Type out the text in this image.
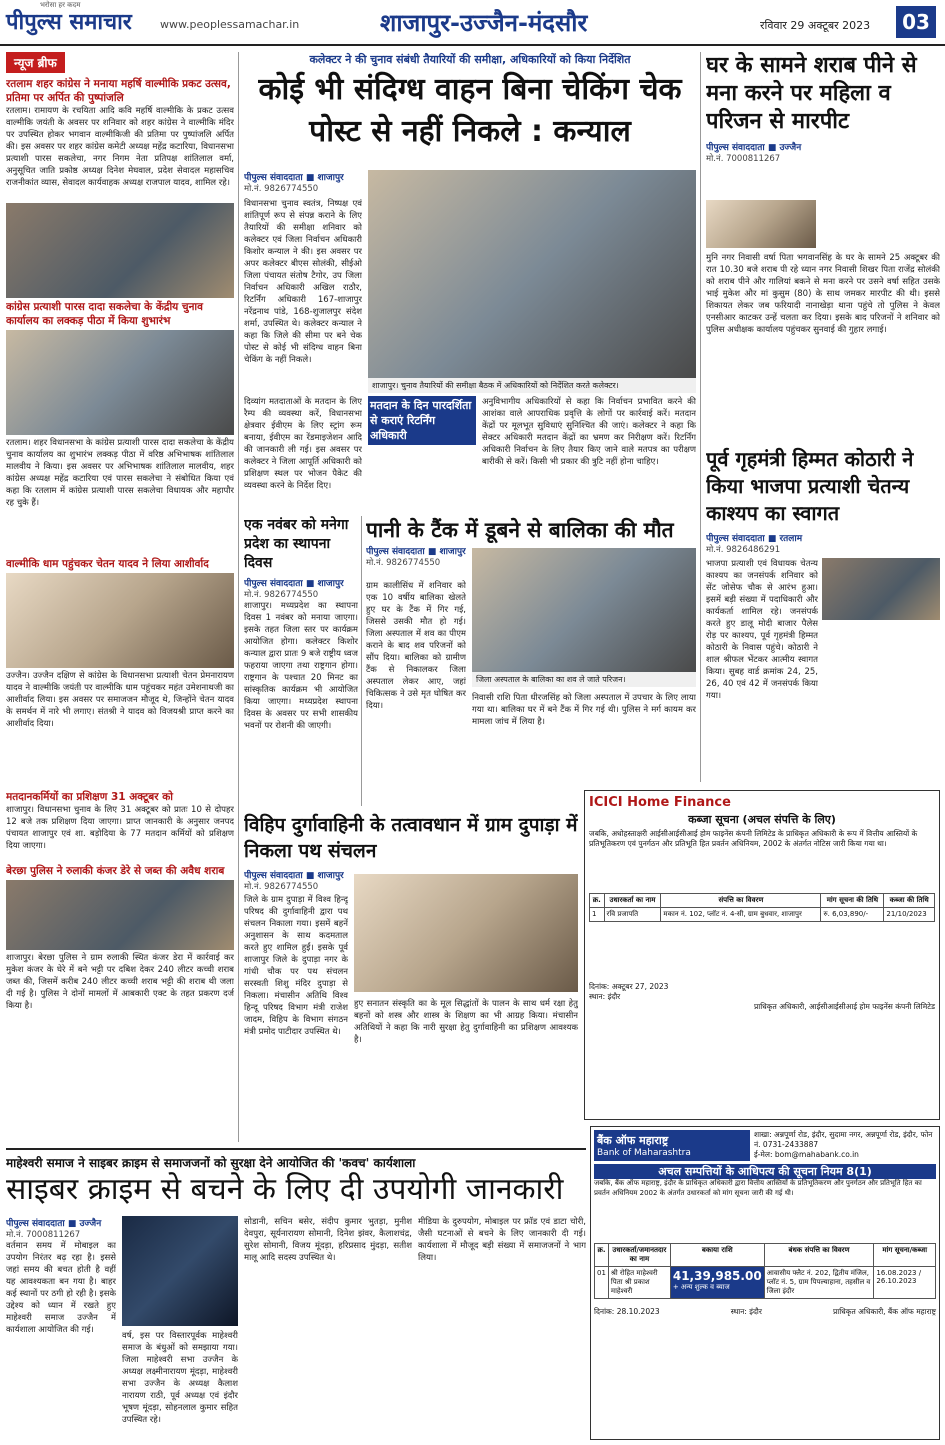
पीपुल्स समाचार
भरोसा हर कदम
www.peoplessamachar.in	शाजापुर-उज्जैन-मंदसौर	रविवार 29 अक्टूबर 2023	03
न्यूज ब्रीफ
रतलाम शहर कांग्रेस ने मनाया महर्षि वाल्मीकि प्रकट उत्सव, प्रतिमा पर अर्पित की पुष्पांजलि
रतलाम। रामायण के रचयिता आदि कवि महर्षि वाल्मीकि के प्रकट उत्सव वाल्मीकि जयंती के अवसर पर शनिवार को शहर कांग्रेस ने वाल्मीकि मंदिर पर उपस्थित होकर भगवान वाल्मीकिजी की प्रतिमा पर पुष्पांजलि अर्पित की। इस अवसर पर शहर कांग्रेस कमेटी अध्यक्ष महेंद्र कटारिया, विधानसभा प्रत्याशी पारस सकलेचा, नगर निगम नेता प्रतिपक्ष शांतिलाल वर्मा, अनुसूचित जाति प्रकोष्ठ अध्यक्ष दिनेश मेघवाल, प्रदेश सेवादल महासचिव राजनीकांत व्यास, सेवादल कार्यवाहक अध्यक्ष राजपाल यादव, शामिल रहे।
कांग्रेस प्रत्याशी पारस दादा सकलेचा के केंद्रीय चुनाव कार्यालय का लक्कड़ पीठा में किया शुभारंभ
रतलाम। शहर विधानसभा के कांग्रेस प्रत्याशी पारस दादा सकलेचा के केंद्रीय चुनाव कार्यालय का शुभारंभ लक्कड़ पीठा में वरिष्ठ अभिभाषक शांतिलाल मालवीय ने किया। इस अवसर पर अभिभाषक शांतिलाल मालवीय, शहर कांग्रेस अध्यक्ष महेंद्र कटारिया एवं पारस सकलेचा ने संबोधित किया एवं कहा कि रतलाम में कांग्रेस प्रत्याशी पारस सकलेचा विधायक और महापौर रह चुके हैं।
वाल्मीकि धाम पहुंचकर चेतन यादव ने लिया आशीर्वाद
उज्जैन। उज्जैन दक्षिण से कांग्रेस के विधानसभा प्रत्याशी चेतन प्रेमनारायण यादव ने वाल्मीकि जयंती पर वाल्मीकि धाम पहुंचकर महंत उमेशनाथजी का आशीर्वाद लिया। इस अवसर पर समाजजन मौजूद थे, जिन्होंने चेतन यादव के समर्थन में नारे भी लगाए। संतश्री ने यादव को विजयश्री प्राप्त करने का आशीर्वाद दिया।
मतदानकर्मियों का प्रशिक्षण 31 अक्टूबर को
शाजापुर। विधानसभा चुनाव के लिए 31 अक्टूबर को प्रातः 10 से दोपहर 12 बजे तक प्रशिक्षण दिया जाएगा। प्राप्त जानकारी के अनुसार जनपद पंचायत शाजापुर एवं शा. बड़ोदिया के 77 मतदान कर्मियों को प्रशिक्षण दिया जाएगा।
बेरछा पुलिस ने रुलाकी कंजर डेरे से जब्त की अवैध शराब
शाजापुर। बेरछा पुलिस ने ग्राम रुलाकी स्थित कंजर डेरा में कार्रवाई कर मुकेश कंजर के घेरे में बने भट्टी पर दबिश देकर 240 लीटर कच्ची शराब जब्त की, जिसमें करीब 240 लीटर कच्ची शराब भट्टी की शराब थी जला दी गई है। पुलिस ने दोनों मामलों में आबकारी एक्ट के तहत प्रकरण दर्ज किया है।
कलेक्टर ने की चुनाव संबंधी तैयारियों की समीक्षा, अधिकारियों को किया निर्देशित
कोई भी संदिग्ध वाहन बिना चेकिंग चेक पोस्ट से नहीं निकले : कन्याल
पीपुल्स संवाददाता ■ शाजापुर
मो.नं. 9826774550
विधानसभा चुनाव स्वतंत्र, निष्पक्ष एवं शांतिपूर्ण रूप से संपन्न कराने के लिए तैयारियों की समीक्षा शनिवार को कलेक्टर एवं जिला निर्वाचन अधिकारी किशोर कन्याल ने की। इस अवसर पर अपर कलेक्टर बीएस सोलंकी, सीईओ जिला पंचायत संतोष टैगोर, उप जिला निर्वाचन अधिकारी अखिल राठौर, रिटर्निंग अधिकारी 167-शाजापुर नरेंद्रनाथ पांडे, 168-शुजालपुर संदेश शर्मा, उपस्थित थे। कलेक्टर कन्याल ने कहा कि जिले की सीमा पर बने चेक पोस्ट से कोई भी संदिग्ध वाहन बिना चेकिंग के नहीं निकले।
शाजापुर। चुनाव तैयारियों की समीक्षा बैठक में अधिकारियों को निर्देशित करते कलेक्टर।
मतदान के दिन पारदर्शिता से कराएं रिटर्निंग अधिकारी
अनुविभागीय अधिकारियों से कहा कि निर्वाचन प्रभावित करने की आशंका वाले आपराधिक प्रवृत्ति के लोगों पर कार्रवाई करें। मतदान केंद्रों पर मूलभूत सुविधाएं सुनिश्चित की जाएं। कलेक्टर ने कहा कि सेक्टर अधिकारी मतदान केंद्रों का भ्रमण कर निरीक्षण करें। रिटर्निंग अधिकारी निर्वाचन के लिए तैयार किए जाने वाले मतपत्र का परीक्षण बारीकी से करें। किसी भी प्रकार की त्रुटि नहीं होना चाहिए।
दिव्यांग मतदाताओं के मतदान के लिए रैम्प की व्यवस्था करें, विधानसभा क्षेत्रवार ईवीएम के लिए स्ट्रांग रूम बनाया, ईवीएम का रेंडमाइजेशन आदि की जानकारी ली गई। इस अवसर पर कलेक्टर ने जिला आपूर्ति अधिकारी को प्रशिक्षण स्थल पर भोजन पैकेट की व्यवस्था करने के निर्देश दिए।
घर के सामने शराब पीने से मना करने पर महिला व परिजन से मारपीट
पीपुल्स संवाददाता ■ उज्जैन
मो.नं. 7000811267
मुनि नगर निवासी वर्षा पिता भगवानसिंह के घर के सामने 25 अक्टूबर की रात 10.30 बजे शराब पी रहे ध्यान नगर निवासी शिखर पिता राजेंद्र सोलंकी को शराब पीने और गालियां बकने से मना करने पर उसने वर्षा सहित उसके भाई मुकेश और मां कुसुम (80) के साथ जमकर मारपीट की थी। इससे शिकायत लेकर जब फरियादी नानाखेड़ा थाना पहुंचे तो पुलिस ने केवल एनसीआर काटकर उन्हें चलता कर दिया। इसके बाद परिजनों ने शनिवार को पुलिस अधीक्षक कार्यालय पहुंचकर सुनवाई की गुहार लगाई।
पूर्व गृहमंत्री हिम्मत कोठारी ने किया भाजपा प्रत्याशी चेतन्य काश्यप का स्वागत
पीपुल्स संवाददाता ■ रतलाम
मो.नं. 9826486291
भाजपा प्रत्याशी एवं विधायक चेतन्य काश्यप का जनसंपर्क शनिवार को सेंट जोसेफ चौक से आरंभ हुआ। इसमें बड़ी संख्या में पदाधिकारी और कार्यकर्ता शामिल रहे। जनसंपर्क करते हुए डालू मोदी बाजार पैलेस रोड़ पर काश्यप, पूर्व गृहमंत्री हिम्मत कोठारी के निवास पहुंचे। कोठारी ने शाल श्रीफल भेंटकर आत्मीय स्वागत किया। सुबह वार्ड क्रमांक 24, 25, 26, 40 एवं 42 में जनसंपर्क किया गया।
एक नवंबर को मनेगा प्रदेश का स्थापना दिवस
पीपुल्स संवाददाता ■ शाजापुर
मो.नं. 9826774550
शाजापुर। मध्यप्रदेश का स्थापना दिवस 1 नवंबर को मनाया जाएगा। इसके तहत जिला स्तर पर कार्यक्रम आयोजित होगा। कलेक्टर किशोर कन्याल द्वारा प्रातः 9 बजे राष्ट्रीय ध्वज फहराया जाएगा तथा राष्ट्रगान होगा। राष्ट्रगान के पश्चात 20 मिनट का सांस्कृतिक कार्यक्रम भी आयोजित किया जाएगा। मध्यप्रदेश स्थापना दिवस के अवसर पर सभी शासकीय भवनों पर रोशनी की जाएगी।
पानी के टैंक में डूबने से बालिका की मौत
पीपुल्स संवाददाता ■ शाजापुर
मो.नं. 9826774550
ग्राम कालीसिंध में शनिवार को एक 10 वर्षीय बालिका खेलते हुए घर के टैंक में गिर गई, जिससे उसकी मौत हो गई। जिला अस्पताल में शव का पीएम कराने के बाद शव परिजनों को सौंप दिया। बालिका को ग्रामीण टैंक से निकालकर जिला अस्पताल लेकर आए, जहां चिकित्सक ने उसे मृत घोषित कर दिया।
जिला अस्पताल के बालिका का शव ले जाते परिजन।
निवासी राशि पिता धीरजसिंह को जिला अस्पताल में उपचार के लिए लाया गया था। बालिका घर में बने टैंक में गिर गई थी। पुलिस ने मर्ग कायम कर मामला जांच में लिया है।
विहिप दुर्गावाहिनी के तत्वावधान में ग्राम दुपाड़ा में निकला पथ संचलन
पीपुल्स संवाददाता ■ शाजापुर
मो.नं. 9826774550
जिले के ग्राम दुपाड़ा में विश्व हिन्दू परिषद की दुर्गावाहिनी द्वारा पथ संचलन निकाला गया। इसमें बहनें अनुशासन के साथ कदमताल करते हुए शामिल हुईं। इसके पूर्व शाजापुर जिले के दुपाड़ा नगर के गांधी चौक पर पथ संचलन सरस्वती शिशु मंदिर दुपाड़ा से निकला। मंचासीन अतिथि विश्व हिन्दू परिषद विभाग मंत्री राजेश जादम, विहिप के विभाग संगठन मंत्री प्रमोद पाटीदार उपस्थित थे।
हुए सनातन संस्कृति का के मूल सिद्धांतों के पालन के साथ धर्म रक्षा हेतु बहनों को शस्त्र और शास्त्र के शिक्षण का भी आग्रह किया। मंचासीन अतिथियों ने कहा कि नारी सुरक्षा हेतु दुर्गावाहिनी का प्रशिक्षण आवश्यक है।
ICICI Home Finance
कब्जा सूचना (अचल संपत्ति के लिए)
जबकि, अधोहस्ताक्षरी आईसीआईसीआई होम फाइनेंस कंपनी लिमिटेड के प्राधिकृत अधिकारी के रूप में वित्तीय आस्तियों के प्रतिभूतिकरण एवं पुनर्गठन और प्रतिभूति हित प्रवर्तन अधिनियम, 2002 के अंतर्गत नोटिस जारी किया गया था।
क्र.	उधारकर्ता का नाम	संपत्ति का विवरण	मांग सूचना की तिथि	कब्जा की तिथि
1	रवि प्रजापति	मकान नं. 102, प्लॉट नं. 4-सी, ग्राम बुधवार, शाजापुर	रु. 6,03,890/-	21/10/2023
दिनांक: अक्टूबर 27, 2023
स्थान: इंदौर
प्राधिकृत अधिकारी, आईसीआईसीआई होम फाइनेंस कंपनी लिमिटेड
माहेश्वरी समाज ने साइबर क्राइम से समाजजनों को सुरक्षा देने आयोजित की 'कवच' कार्यशाला
साइबर क्राइम से बचने के लिए दी उपयोगी जानकारी
पीपुल्स संवाददाता ■ उज्जैन
मो.नं. 7000811267
वर्तमान समय में मोबाइल का उपयोग निरंतर बढ़ रहा है। इससे जहां समय की बचत होती है वहीं यह आवश्यकता बन गया है। बाहर कई स्थानों पर ठगी हो रही है। इसके उद्देश्य को ध्यान में रखते हुए माहेश्वरी समाज उज्जैन में कार्यशाला आयोजित की गई।
वर्ष, इस पर विस्तारपूर्वक माहेश्वरी समाज के बंधुओं को समझाया गया। जिला माहेश्वरी सभा उज्जैन के अध्यक्ष लक्ष्मीनारायण मूंदड़ा, माहेश्वरी सभा उज्जैन के अध्यक्ष कैलाश नारायण राठी, पूर्व अध्यक्ष एवं इंदौर भूषण मूंदड़ा, सोहनलाल कुमार सहित उपस्थित रहे।
सोडानी, सचिन बसेर, संदीप कुमार भुतड़ा, मुनीश देवपुरा, सूर्यनारायण सोमानी, दिनेश झंवर, कैलाशचंद्र, सुरेश सोमानी, विजय मूंदड़ा, हरिप्रसाद मुंदड़ा, सतीश मालू आदि सदस्य उपस्थित थे।
मीडिया के दुरुपयोग, मोबाइल पर फ्रॉड एवं डाटा चोरी, जैसी घटनाओं से बचने के लिए जानकारी दी गई। कार्यशाला में मौजूद बड़ी संख्या में समाजजनों ने भाग लिया।
बैंक ऑफ महाराष्ट्र
Bank of Maharashtra
शाखा: अन्नपूर्णा रोड, इंदौर, सुदामा नगर, अन्नपूर्णा रोड, इंदौर, फोन नं. 0731-2433887
ई-मेल: bom@mahabank.co.in
अचल सम्पत्तियों के आधिपत्य की सूचना नियम 8(1)
जबकि, बैंक ऑफ महाराष्ट्र, इंदौर के प्राधिकृत अधिकारी द्वारा वित्तीय आस्तियों के प्रतिभूतिकरण और पुनर्गठन और प्रतिभूति हित का प्रवर्तन अधिनियम 2002 के अंतर्गत उधारकर्ता को मांग सूचना जारी की गई थी।
क्र.	उधारकर्ता/जमानतदार का नाम	बकाया राशि	बंधक संपत्ति का विवरण	मांग सूचना/कब्जा
01	श्री रोहित माहेश्वरी पिता श्री प्रकाश माहेश्वरी	41,39,985.00
+ अन्य शुल्क व ब्याज	आवासीय फ्लैट नं. 202, द्वितीय मंजिल, प्लॉट नं. 5, ग्राम पिपल्याहाना, तहसील व जिला इंदौर	16.08.2023 / 26.10.2023
दिनांक: 28.10.2023	स्थान: इंदौर	प्राधिकृत अधिकारी, बैंक ऑफ महाराष्ट्र
